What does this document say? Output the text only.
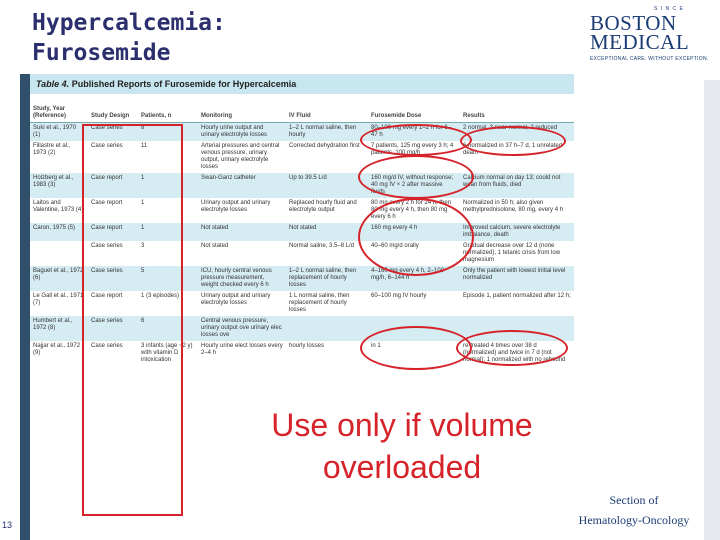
Hypercalcemia:
Furosemide
S I N C E
BOSTON
MEDICAL
EXCEPTIONAL CARE. WITHOUT EXCEPTION.
Table 4. Published Reports of Furosemide for Hypercalcemia
Study, Year (Reference)	Study Design	Patients, n	Monitoring	IV Fluid	Furosemide Dose	Results
Suki et al., 1970 (1)	Case series	8	Hourly urine output and urinary electrolyte losses	1–2 L normal saline, then hourly	80–100 mg every 1–2 h for 6–47 h	2 normal, 3 near-normal, 2 reduced
Fillastre et al., 1973 (2)	Case series	11	Arterial pressures and central venous pressure, urinary output, urinary electrolyte losses	Corrected dehydration first	7 patients, 125 mg every 3 h; 4 patients, 100 mg/h	6 normalized in 37 h–7 d, 1 unrelated death
Holzberg et al., 1983 (3)	Case report	1	Swan-Ganz catheter	Up to 39.5 L/d	160 mg/d IV, without response; 40 mg IV × 2 after massive fluids	Calcium normal on day 13; could not wean from fluids, died
Laitos and Valentine, 1973 (4)	Case report	1	Urinary output and urinary electrolyte losses	Replaced hourly fluid and electrolyte output	80 mg every 2 h for 24 h, then 80 mg every 4 h, then 80 mg every 6 h	Normalized in 50 h; also given methylprednisolone, 80 mg, every 4 h
Caron, 1975 (5)	Case report	1	Not stated	Not stated	160 mg every 4 h	Improved calcium, severe electrolyte imbalance, death
	Case series	3	Not stated	Normal saline, 3.5–8 L/d	40–60 mg/d orally	Gradual decrease over 12 d (none normalized), 1 tetanic crisis from low magnesium
Baguet et al., 1972 (6)	Case series	5	ICU, hourly central venous pressure measurement, weight checked every 6 h	1–2 L normal saline, then replacement of hourly losses	4–160 mg every 4 h, 2–100 mg/h, 6–144 h	Only the patient with lowest initial level normalized
Le Gall et al., 1971 (7)	Case report	1 (3 episodes)	Urinary output and urinary electrolyte losses	1 L normal saline, then replacement of hourly losses	60–100 mg IV hourly	Episode 1, patient normalized after 12 h;
Humbert et al., 1972 (8)	Case series	6	Central venous pressure, urinary output ove urinary elec losses ove			
Najjar et al., 1972 (9)	Case series	3 infants (age ~2 y) with vitamin D intoxication	Hourly urine elect losses every 2–4 h	hourly losses	in 1	re-treated 4 times over 38 d (normalized) and twice in 7 d (not normal); 1 normalized with no rebound
Use only if volume
overloaded
Section of
Hematology-Oncology
13
